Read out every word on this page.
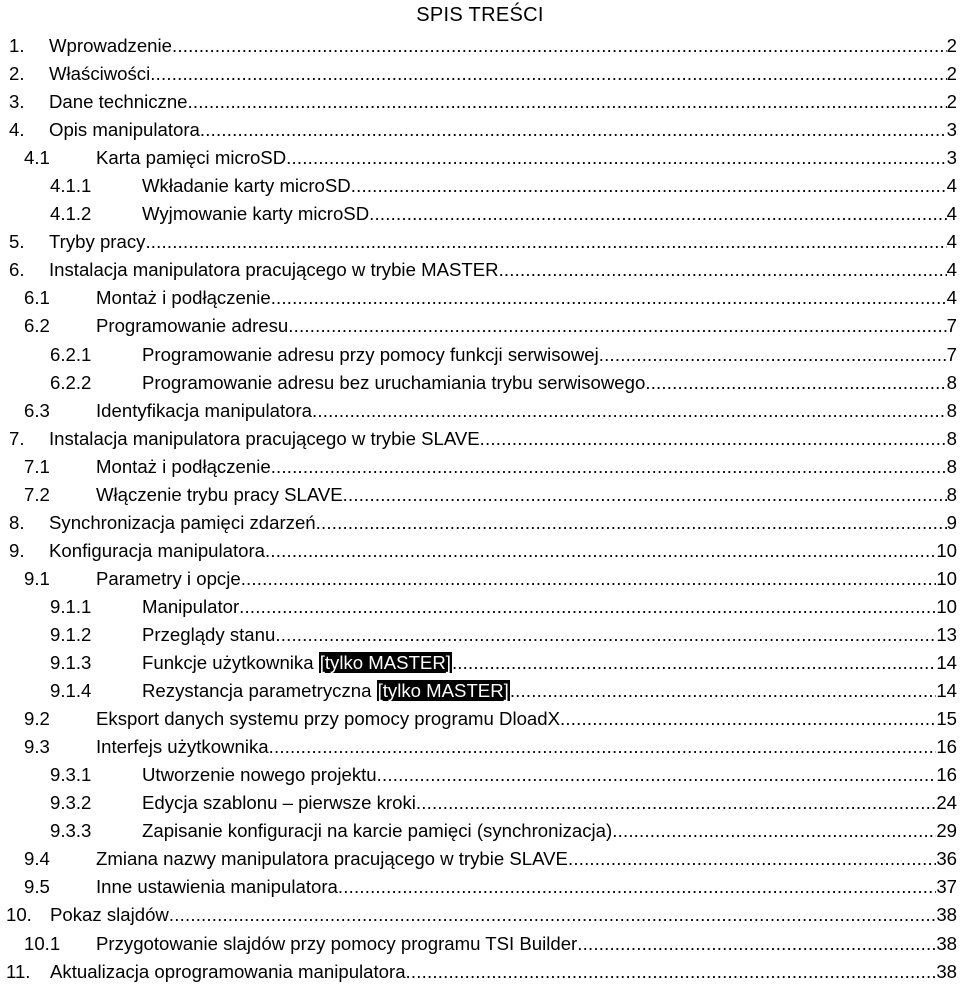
SPIS TREŚCI
1. Wprowadzenie .....	2
2. Właściwości .....	2
3. Dane techniczne .....	2
4. Opis manipulatora .....	3
4.1 Karta pamięci microSD .....	3
4.1.1	Wkładanie karty microSD .....	4
4.1.2	Wyjmowanie karty microSD .....	4
5. Tryby pracy .....	4
6. Instalacja manipulatora pracującego w trybie MASTER .....	4
6.1 Montaż i podłączenie .....	4
6.2 Programowanie adresu .....	7
6.2.1	Programowanie adresu przy pomocy funkcji serwisowej .....	7
6.2.2	Programowanie adresu bez uruchamiania trybu serwisowego .....	8
6.3 Identyfikacja manipulatora .....	8
7. Instalacja manipulatora pracującego w trybie SLAVE .....	8
7.1 Montaż i podłączenie .....	8
7.2 Włączenie trybu pracy SLAVE .....	8
8. Synchronizacja pamięci zdarzeń .....	9
9. Konfiguracja manipulatora .....	10
9.1 Parametry i opcje .....	10
9.1.1	Manipulator .....	10
9.1.2	Przeglądy stanu .....	13
9.1.3	Funkcje użytkownika [tylko MASTER] .....	14
9.1.4	Rezystancja parametryczna [tylko MASTER] .....	14
9.2 Eksport danych systemu przy pomocy programu DloadX .....	15
9.3 Interfejs użytkownika .....	16
9.3.1	Utworzenie nowego projektu .....	16
9.3.2	Edycja szablonu – pierwsze kroki .....	24
9.3.3	Zapisanie konfiguracji na karcie pamięci (synchronizacja) .....	29
9.4 Zmiana nazwy manipulatora pracującego w trybie SLAVE .....	36
9.5 Inne ustawienia manipulatora .....	37
10. Pokaz slajdów .....	38
10.1 Przygotowanie slajdów przy pomocy programu TSI Builder .....	38
11. Aktualizacja oprogramowania manipulatora .....	38
